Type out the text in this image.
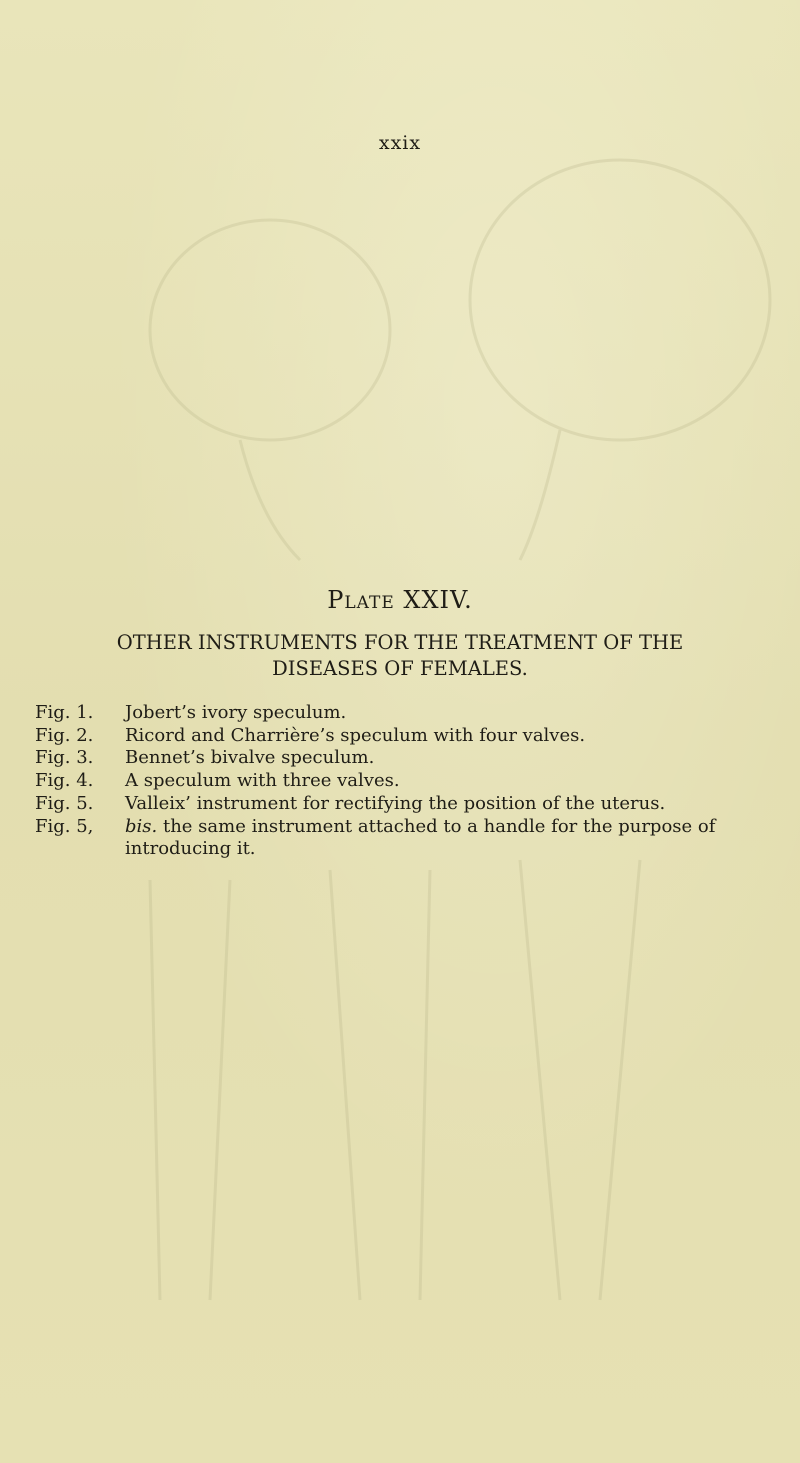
xxix
Plate XXIV.
OTHER INSTRUMENTS FOR THE TREATMENT OF THE
DISEASES OF FEMALES.
Fig. 1.	Jobert’s ivory speculum.
Fig. 2.	Ricord and Charrière’s speculum with four valves.
Fig. 3.	Bennet’s bivalve speculum.
Fig. 4.	A speculum with three valves.
Fig. 5.	Valleix’ instrument for rectifying the position of the uterus.
Fig. 5,	bis. the same instrument attached to a handle for the purpose of introducing it.
